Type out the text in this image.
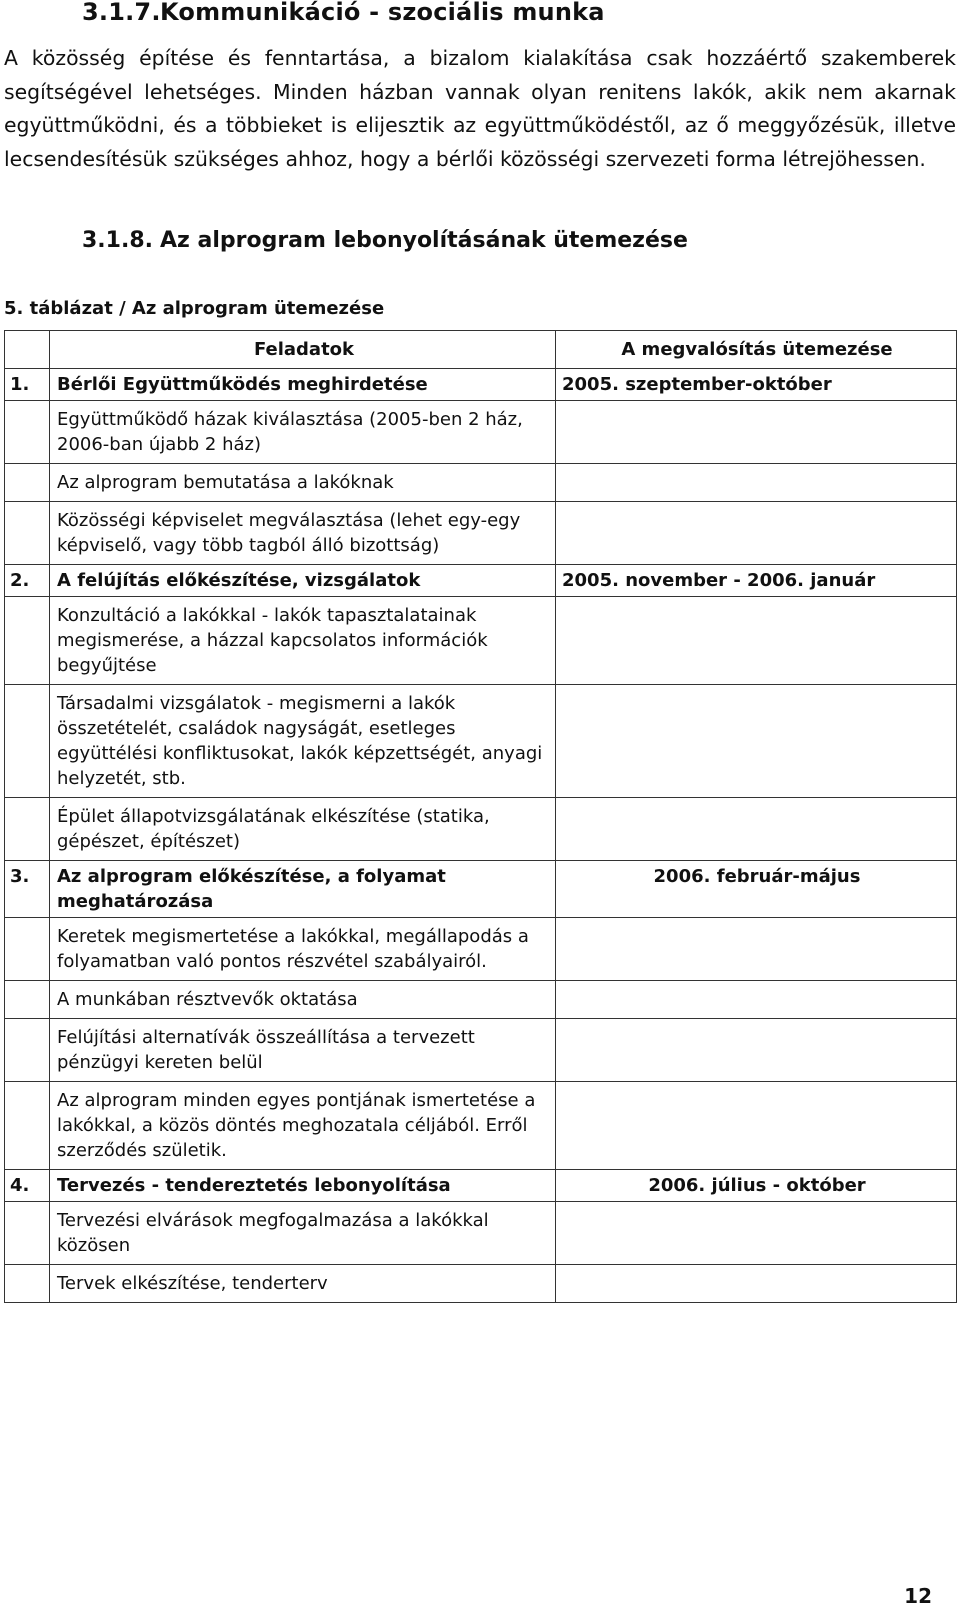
3.1.7.Kommunikáció - szociális munka
A közösség építése és fenntartása, a bizalom kialakítása csak hozzáértő szakemberek segítségével lehetséges. Minden házban vannak olyan renitens lakók, akik nem akarnak együttműködni, és a többieket is elijesztik az együttműködéstől, az ő meggyőzésük, illetve lecsendesítésük szükséges ahhoz, hogy a bérlői közösségi szervezeti forma létrejöhessen.
3.1.8. Az alprogram lebonyolításának ütemezése
5. táblázat / Az alprogram ütemezése
	Feladatok	A megvalósítás ütemezése
1.	Bérlői Együttműködés meghirdetése	2005. szeptember-október
	Együttműködő házak kiválasztása (2005-ben 2 ház, 2006-ban újabb 2 ház)	
	Az alprogram bemutatása a lakóknak	
	Közösségi képviselet megválasztása (lehet egy-egy képviselő, vagy több tagból álló bizottság)	
2.	A felújítás előkészítése, vizsgálatok	2005. november - 2006. január
	Konzultáció a lakókkal - lakók tapasztalatainak megismerése, a házzal kapcsolatos információk begyűjtése	
	Társadalmi vizsgálatok - megismerni a lakók összetételét, családok nagyságát, esetleges együttélési konfliktusokat, lakók képzettségét, anyagi helyzetét, stb.	
	Épület állapotvizsgálatának elkészítése (statika, gépészet, építészet)	
3.	Az alprogram előkészítése, a folyamat meghatározása	2006. február-május
	Keretek megismertetése a lakókkal, megállapodás a folyamatban való pontos részvétel szabályairól.	
	A munkában résztvevők oktatása	
	Felújítási alternatívák összeállítása a tervezett pénzügyi kereten belül	
	Az alprogram minden egyes pontjának ismertetése a lakókkal, a közös döntés meghozatala céljából. Erről szerződés születik.	
4.	Tervezés - tendereztetés lebonyolítása	2006. július - október
	Tervezési elvárások megfogalmazása a lakókkal közösen	
	Tervek elkészítése, tenderterv	
12
